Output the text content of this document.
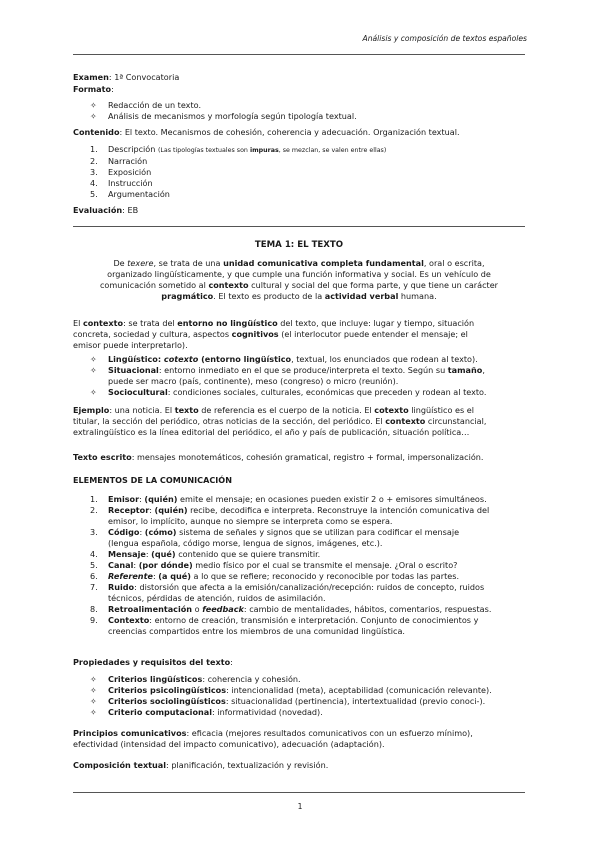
Análisis y composición de textos españoles
Examen: 1ª Convocatoria
Formato:
✧ Redacción de un texto.
✧ Análisis de mecanismos y morfología según tipología textual.
Contenido: El texto. Mecanismos de cohesión, coherencia y adecuación. Organización textual.
1. Descripción (Las tipologías textuales son impuras, se mezclan, se valen entre ellas)
2. Narración
3. Exposición
4. Instrucción
5. Argumentación
Evaluación: EB
TEMA 1: EL TEXTO
De texere, se trata de una unidad comunicativa completa fundamental, oral o escrita,
organizado lingüísticamente, y que cumple una función informativa y social. Es un vehículo de
comunicación sometido al contexto cultural y social del que forma parte, y que tiene un carácter
pragmático. El texto es producto de la actividad verbal humana.
El contexto: se trata del entorno no lingüístico del texto, que incluye: lugar y tiempo, situación
concreta, sociedad y cultura, aspectos cognitivos (el interlocutor puede entender el mensaje; el
emisor puede interpretarlo).
✧ Lingüístico: cotexto (entorno lingüístico, textual, los enunciados que rodean al texto).
✧ Situacional: entorno inmediato en el que se produce/interpreta el texto. Según su tamaño,
puede ser macro (país, continente), meso (congreso) o micro (reunión).
✧ Sociocultural: condiciones sociales, culturales, económicas que preceden y rodean al texto.
Ejemplo: una noticia. El texto de referencia es el cuerpo de la noticia. El cotexto lingüístico es el
titular, la sección del periódico, otras noticias de la sección, del periódico. El contexto circunstancial,
extralingüístico es la línea editorial del periódico, el año y país de publicación, situación política…
Texto escrito: mensajes monotemáticos, cohesión gramatical, registro + formal, impersonalización.
ELEMENTOS DE LA COMUNICACIÓN
1. Emisor: (quién) emite el mensaje; en ocasiones pueden existir 2 o + emisores simultáneos.
2. Receptor: (quién) recibe, decodifica e interpreta. Reconstruye la intención comunicativa del
emisor, lo implícito, aunque no siempre se interpreta como se espera.
3. Código: (cómo) sistema de señales y signos que se utilizan para codificar el mensaje
(lengua española, código morse, lengua de signos, imágenes, etc.).
4. Mensaje: (qué) contenido que se quiere transmitir.
5. Canal: (por dónde) medio físico por el cual se transmite el mensaje. ¿Oral o escrito?
6. Referente: (a qué) a lo que se refiere; reconocido y reconocible por todas las partes.
7. Ruido: distorsión que afecta a la emisión/canalización/recepción: ruidos de concepto, ruidos
técnicos, pérdidas de atención, ruidos de asimilación.
8. Retroalimentación o feedback: cambio de mentalidades, hábitos, comentarios, respuestas.
9. Contexto: entorno de creación, transmisión e interpretación. Conjunto de conocimientos y
creencias compartidos entre los miembros de una comunidad lingüística.
Propiedades y requisitos del texto:
✧ Criterios lingüísticos: coherencia y cohesión.
✧ Criterios psicolingüísticos: intencionalidad (meta), aceptabilidad (comunicación relevante).
✧ Criterios sociolingüísticos: situacionalidad (pertinencia), intertextualidad (previo conoci-).
✧ Criterio computacional: informatividad (novedad).
Principios comunicativos: eficacia (mejores resultados comunicativos con un esfuerzo mínimo),
efectividad (intensidad del impacto comunicativo), adecuación (adaptación).
Composición textual: planificación, textualización y revisión.
1
